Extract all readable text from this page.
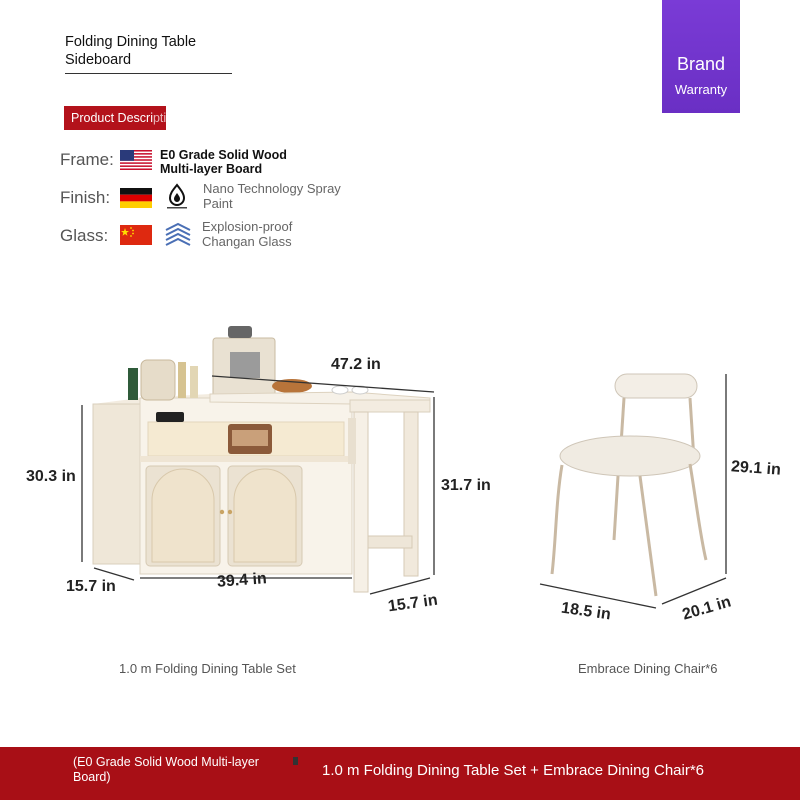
Folding Dining Table
Sideboard	Brand
Warranty
Product Description
Frame:	E0 Grade Solid Wood
Multi-layer Board
Finish:	Nano Technology Spray
Paint
Glass:	Explosion-proof
Changan Glass
47.2 in
30.3 in
31.7 in
15.7 in	39.4 in
15.7 in
29.1 in
18.5 in	20.1 in
1.0 m Folding Dining Table Set	Embrace Dining Chair*6
(E0 Grade Solid Wood Multi-layer
Board)	1.0 m Folding Dining Table Set + Embrace Dining Chair*6
